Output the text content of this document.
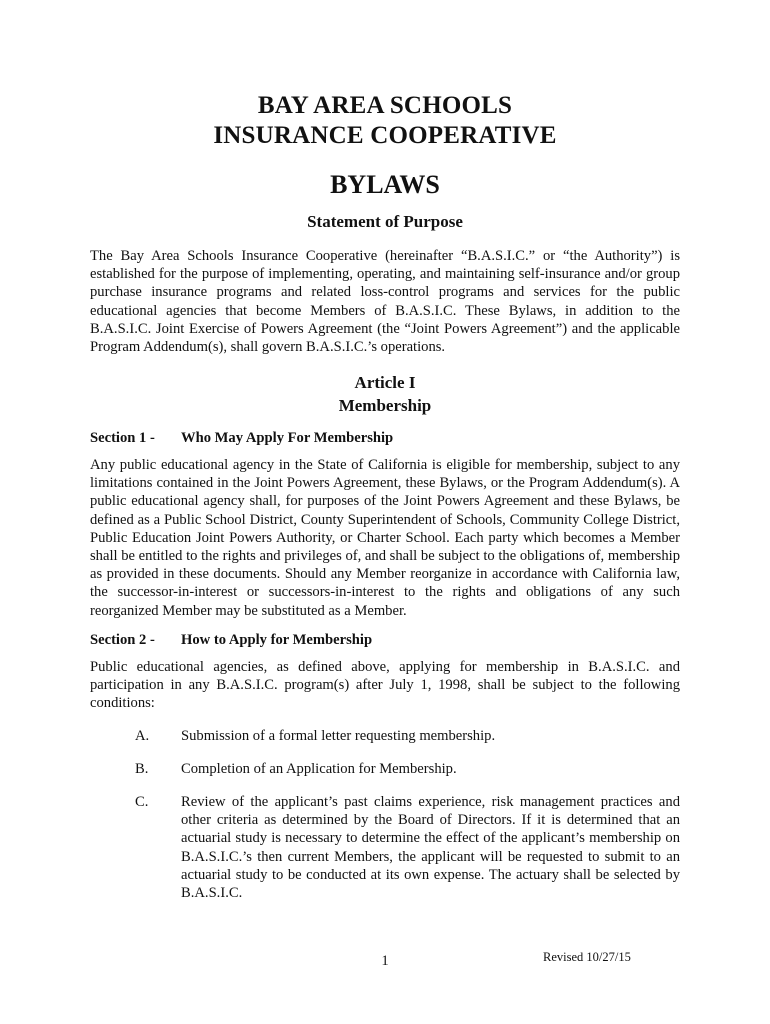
BAY AREA SCHOOLS
INSURANCE COOPERATIVE
BYLAWS
Statement of Purpose

The Bay Area Schools Insurance Cooperative (hereinafter “B.A.S.I.C.” or “the Authority”) is established for the purpose of implementing, operating, and maintaining self-insurance and/or group purchase insurance programs and related loss-control programs and services for the public educational agencies that become Members of B.A.S.I.C. These Bylaws, in addition to the B.A.S.I.C. Joint Exercise of Powers Agreement (the “Joint Powers Agreement”) and the applicable Program Addendum(s), shall govern B.A.S.I.C.’s operations.

Article I
Membership
Section 1 - Who May Apply For Membership

Any public educational agency in the State of California is eligible for membership, subject to any limitations contained in the Joint Powers Agreement, these Bylaws, or the Program Addendum(s). A public educational agency shall, for purposes of the Joint Powers Agreement and these Bylaws, be defined as a Public School District, County Superintendent of Schools, Community College District, Public Education Joint Powers Authority, or Charter School. Each party which becomes a Member shall be entitled to the rights and privileges of, and shall be subject to the obligations of, membership as provided in these documents. Should any Member reorganize in accordance with California law, the successor-in-interest or successors-in-interest to the rights and obligations of any such reorganized Member may be substituted as a Member.

Section 2 - How to Apply for Membership

Public educational agencies, as defined above, applying for membership in B.A.S.I.C. and participation in any B.A.S.I.C. program(s) after July 1, 1998, shall be subject to the following conditions:

A. Submission of a formal letter requesting membership.
B. Completion of an Application for Membership.
C. Review of the applicant’s past claims experience, risk management practices and other criteria as determined by the Board of Directors. If it is determined that an actuarial study is necessary to determine the effect of the applicant’s membership on B.A.S.I.C.’s then current Members, the applicant will be requested to submit to an actuarial study to be conducted at its own expense. The actuary shall be selected by B.A.S.I.C.
1	Revised 10/27/15
